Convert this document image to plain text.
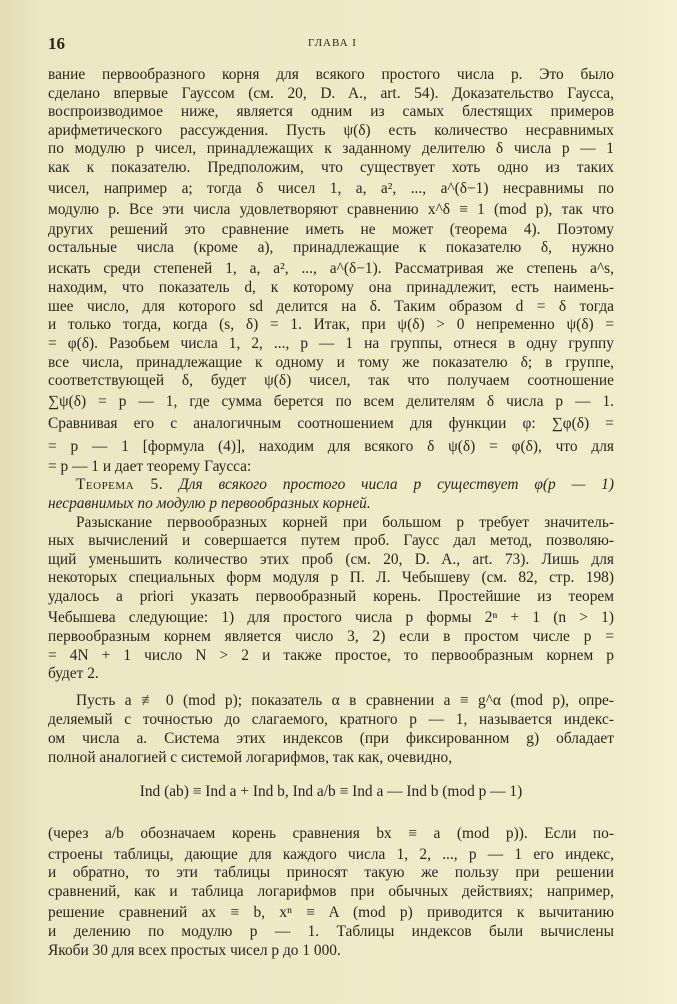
16	ГЛАВА I

вание первообразного корня для всякого простого числа p. Это было
сделано впервые Гауссом (см. 20, D. A., art. 54). Доказательство Гаусса,
воспроизводимое ниже, является одним из самых блестящих примеров
арифметического рассуждения. Пусть ψ(δ) есть количество несравнимых
по модулю p чисел, принадлежащих к заданному делителю δ числа p — 1
как к показателю. Предположим, что существует хоть одно из таких
чисел, например a; тогда δ чисел 1, a, a², ..., a^(δ−1) несравнимы по
модулю p. Все эти числа удовлетворяют сравнению x^δ ≡ 1 (mod p), так что
других решений это сравнение иметь не может (теорема 4). Поэтому
остальные числа (кроме a), принадлежащие к показателю δ, нужно
искать среди степеней 1, a, a², ..., a^(δ−1). Рассматривая же степень a^s,
находим, что показатель d, к которому она принадлежит, есть наимень-
шее число, для которого sd делится на δ. Таким образом d = δ тогда
и только тогда, когда (s, δ) = 1. Итак, при ψ(δ) > 0 непременно ψ(δ) =
= φ(δ). Разобьем числа 1, 2, ..., p — 1 на группы, отнеся в одну группу
все числа, принадлежащие к одному и тому же показателю δ; в группе,
соответствующей δ, будет ψ(δ) чисел, так что получаем соотношение
∑ψ(δ) = p — 1, где сумма берется по всем делителям δ числа p — 1.
Сравнивая его с аналогичным соотношением для функции φ: ∑φ(δ) =
= p — 1 [формула (4)], находим для всякого δ ψ(δ) = φ(δ), что для
= p — 1 и дает теорему Гаусса:

Теорема 5. Для всякого простого числа p существует φ(p — 1)
несравнимых по модулю p первообразных корней.

Разыскание первообразных корней при большом p требует значитель-
ных вычислений и совершается путем проб. Гаусс дал метод, позволяю-
щий уменьшить количество этих проб (см. 20, D. A., art. 73). Лишь для
некоторых специальных форм модуля p П. Л. Чебышеву (см. 82, стр. 198)
удалось a priori указать первообразный корень. Простейшие из теорем
Чебышева следующие: 1) для простого числа p формы 2ⁿ + 1 (n > 1)
первообразным корнем является число 3, 2) если в простом числе p =
= 4N + 1 число N > 2 и также простое, то первообразным корнем p
будет 2.

Пусть a ≢ 0 (mod p); показатель α в сравнении a ≡ g^α (mod p), опре-
деляемый с точностью до слагаемого, кратного p — 1, называется индекс-
ом числа a. Система этих индексов (при фиксированном g) обладает
полной аналогией с системой логарифмов, так как, очевидно,

Ind (ab) ≡ Ind a + Ind b, Ind a/b ≡ Ind a — Ind b (mod p — 1)

(через a/b обозначаем корень сравнения bx ≡ a (mod p)). Если по-
строены таблицы, дающие для каждого числа 1, 2, ..., p — 1 его индекс,
и обратно, то эти таблицы приносят такую же пользу при решении
сравнений, как и таблица логарифмов при обычных действиях; например,
решение сравнений ax ≡ b, xⁿ ≡ A (mod p) приводится к вычитанию
и делению по модулю p — 1. Таблицы индексов были вычислены
Якоби 30 для всех простых чисел p до 1 000.
